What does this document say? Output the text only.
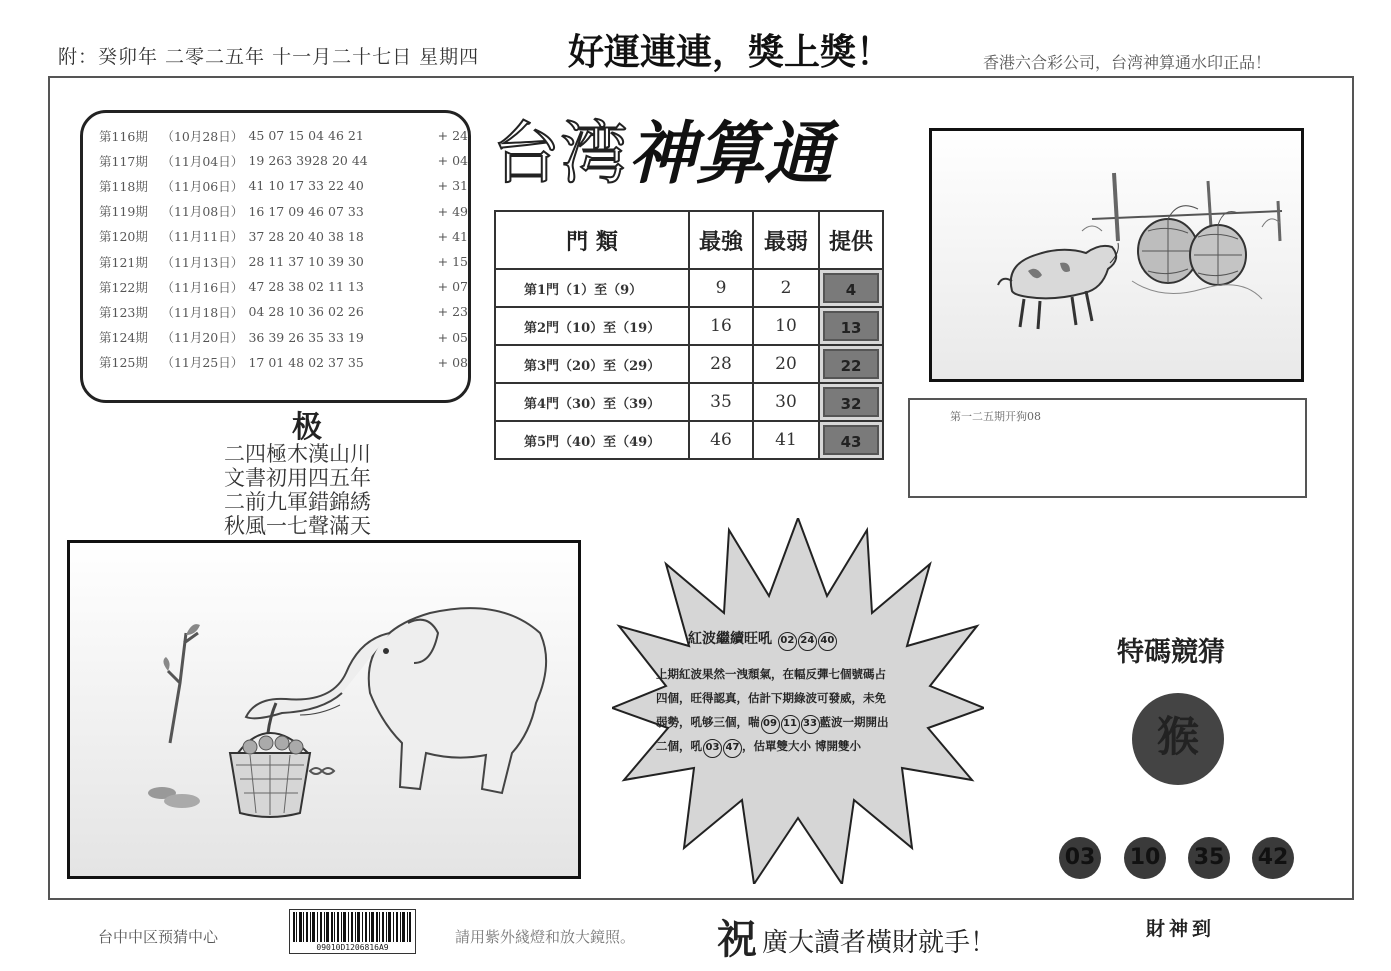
附：癸卯年 二零二五年 十一月二十七日 星期四 好運連連，獎上獎！	香港六合彩公司，台湾神算通水印正品！
第116期	（10月28日） 45 07 15 04 46 21	+ 24
第117期	（11月04日） 19 263 3928 20 44	+ 04
第118期	（11月06日） 41 10 17 33 22 40	+ 31
第119期	（11月08日） 16 17 09 46 07 33	+ 49
第120期	（11月11日） 37 28 20 40 38 18	+ 41
第121期	（11月13日） 28 11 37 10 39 30	+ 15
第122期	（11月16日） 47 28 38 02 11 13	+ 07
第123期	（11月18日） 04 28 10 36 02 26	+ 23
第124期	（11月20日） 36 39 26 35 33 19	+ 05
第125期	（11月25日） 17 01 48 02 37 35	+ 08
台湾神算通
門 類	最強	最弱	提供
第1門（1）至（9）	9	2	4

第2門（10）至（19）	16	10	13

第3門（20）至（29）	28	20	22

第4門（30）至（39）	35	30	32

第5門（40）至（49）	46	41	43
第一二五期开狗08
极
二四極木漢山川
文書初用四五年
二前九軍錯錦綉
秋風一七聲滿天
紅波繼續旺吼 02 24 40
上期紅波果然一洩頹氣，在幅反彈七個號碼占
四個，旺得認真，估計下期綠波可發威，未免
弱勢，吼够三個，喘 09 11 33 藍波一期開出
二個，吼 03 47 ，估單雙大小 博開雙小
特碼競猜
猴
03 10 35 42
台中中区预猜中心
09010D1206816A9
請用紫外綫燈和放大鏡照。 祝 廣大讀者橫財就手！	財神到
